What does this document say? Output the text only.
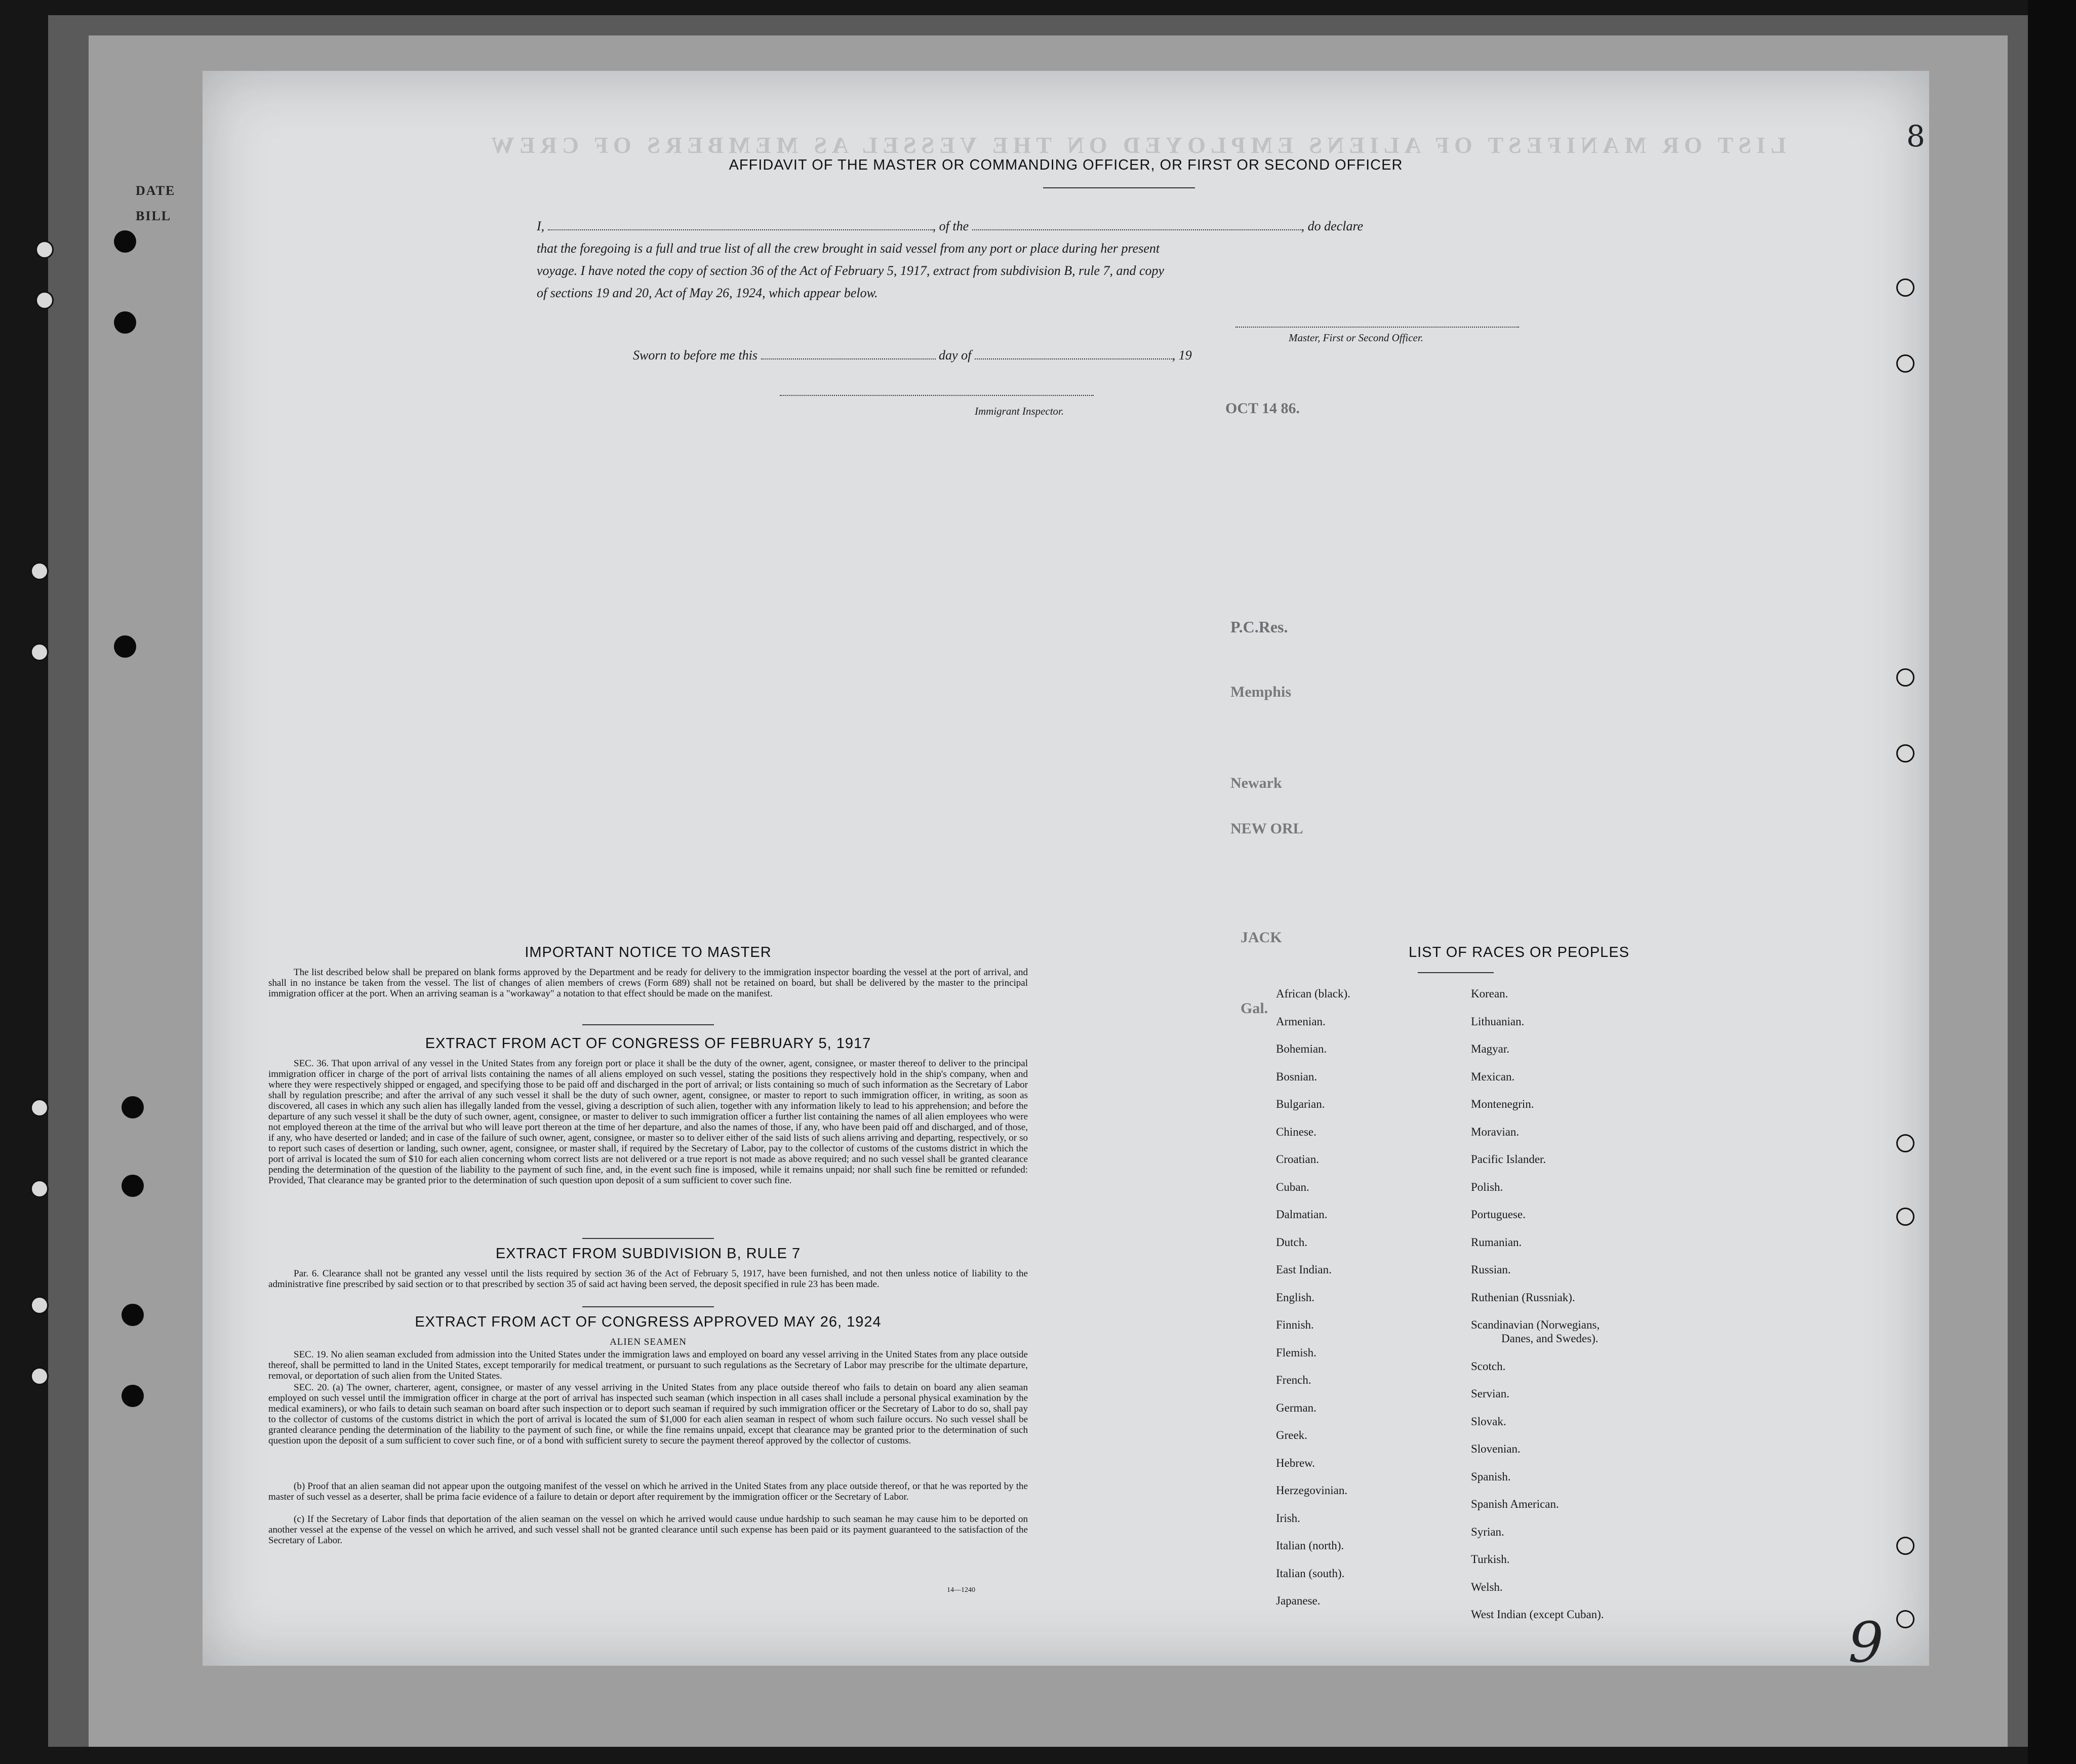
DATE
BILL
LIST OR MANIFEST OF ALIENS EMPLOYED ON THE VESSEL AS MEMBERS OF CREW	8
AFFIDAVIT OF THE MASTER OR COMMANDING OFFICER, OR FIRST OR SECOND OFFICER
I,	, of the	, do declare
that the foregoing is a full and true list of all the crew brought in said vessel from any port or place during her present
voyage. I have noted the copy of section 36 of the Act of February 5, 1917, extract from subdivision B, rule 7, and copy
of sections 19 and 20, Act of May 26, 1924, which appear below.
Master, First or Second Officer.
Sworn to before me this	day of	, 19
Immigrant Inspector.	OCT 14 86.
P.C.Res.
Memphis
Newark
NEW ORL
JACK
Gal.
IMPORTANT NOTICE TO MASTER
The list described below shall be prepared on blank forms approved by the Department and be ready for delivery to the immigration inspector boarding the vessel at the port of arrival, and shall in no instance be taken from the vessel. The list of changes of alien members of crews (Form 689) shall not be retained on board, but shall be delivered by the master to the principal immigration officer at the port. When an arriving seaman is a "workaway" a notation to that effect should be made on the manifest.
EXTRACT FROM ACT OF CONGRESS OF FEBRUARY 5, 1917
SEC. 36. That upon arrival of any vessel in the United States from any foreign port or place it shall be the duty of the owner, agent, consignee, or master thereof to deliver to the principal immigration officer in charge of the port of arrival lists containing the names of all aliens employed on such vessel, stating the positions they respectively hold in the ship's company, when and where they were respectively shipped or engaged, and specifying those to be paid off and discharged in the port of arrival; or lists containing so much of such information as the Secretary of Labor shall by regulation prescribe; and after the arrival of any such vessel it shall be the duty of such owner, agent, consignee, or master to report to such immigration officer, in writing, as soon as discovered, all cases in which any such alien has illegally landed from the vessel, giving a description of such alien, together with any information likely to lead to his apprehension; and before the departure of any such vessel it shall be the duty of such owner, agent, consignee, or master to deliver to such immigration officer a further list containing the names of all alien employees who were not employed thereon at the time of the arrival but who will leave port thereon at the time of her departure, and also the names of those, if any, who have been paid off and discharged, and of those, if any, who have deserted or landed; and in case of the failure of such owner, agent, consignee, or master so to deliver either of the said lists of such aliens arriving and departing, respectively, or so to report such cases of desertion or landing, such owner, agent, consignee, or master shall, if required by the Secretary of Labor, pay to the collector of customs of the customs district in which the port of arrival is located the sum of $10 for each alien concerning whom correct lists are not delivered or a true report is not made as above required; and no such vessel shall be granted clearance pending the determination of the question of the liability to the payment of such fine, and, in the event such fine is imposed, while it remains unpaid; nor shall such fine be remitted or refunded: Provided, That clearance may be granted prior to the determination of such question upon deposit of a sum sufficient to cover such fine.
EXTRACT FROM SUBDIVISION B, RULE 7
Par. 6. Clearance shall not be granted any vessel until the lists required by section 36 of the Act of February 5, 1917, have been furnished, and not then unless notice of liability to the administrative fine prescribed by said section or to that prescribed by section 35 of said act having been served, the deposit specified in rule 23 has been made.
EXTRACT FROM ACT OF CONGRESS APPROVED MAY 26, 1924
ALIEN SEAMEN
SEC. 19. No alien seaman excluded from admission into the United States under the immigration laws and employed on board any vessel arriving in the United States from any place outside thereof, shall be permitted to land in the United States, except temporarily for medical treatment, or pursuant to such regulations as the Secretary of Labor may prescribe for the ultimate departure, removal, or deportation of such alien from the United States.
SEC. 20. (a) The owner, charterer, agent, consignee, or master of any vessel arriving in the United States from any place outside thereof who fails to detain on board any alien seaman employed on such vessel until the immigration officer in charge at the port of arrival has inspected such seaman (which inspection in all cases shall include a personal physical examination by the medical examiners), or who fails to detain such seaman on board after such inspection or to deport such seaman if required by such immigration officer or the Secretary of Labor to do so, shall pay to the collector of customs of the customs district in which the port of arrival is located the sum of $1,000 for each alien seaman in respect of whom such failure occurs. No such vessel shall be granted clearance pending the determination of the liability to the payment of such fine, or while the fine remains unpaid, except that clearance may be granted prior to the determination of such question upon the deposit of a sum sufficient to cover such fine, or of a bond with sufficient surety to secure the payment thereof approved by the collector of customs.
(b) Proof that an alien seaman did not appear upon the outgoing manifest of the vessel on which he arrived in the United States from any place outside thereof, or that he was reported by the master of such vessel as a deserter, shall be prima facie evidence of a failure to detain or deport after requirement by the immigration officer or the Secretary of Labor.
(c) If the Secretary of Labor finds that deportation of the alien seaman on the vessel on which he arrived would cause undue hardship to such seaman he may cause him to be deported on another vessel at the expense of the vessel on which he arrived, and such vessel shall not be granted clearance until such expense has been paid or its payment guaranteed to the satisfaction of the Secretary of Labor.
14—1240
LIST OF RACES OR PEOPLES
African (black).
Armenian.
Bohemian.
Bosnian.
Bulgarian.
Chinese.
Croatian.
Cuban.
Dalmatian.
Dutch.
East Indian.
English.
Finnish.
Flemish.
French.
German.
Greek.
Hebrew.
Herzegovinian.
Irish.
Italian (north).
Italian (south).
Japanese.
Korean.
Lithuanian.
Magyar.
Mexican.
Montenegrin.
Moravian.
Pacific Islander.
Polish.
Portuguese.
Rumanian.
Russian.
Ruthenian (Russniak).
Scandinavian (Norwegians,
Danes, and Swedes).
Scotch.
Servian.
Slovak.
Slovenian.
Spanish.
Spanish American.
Syrian.
Turkish.
Welsh.
West Indian (except Cuban).	9
